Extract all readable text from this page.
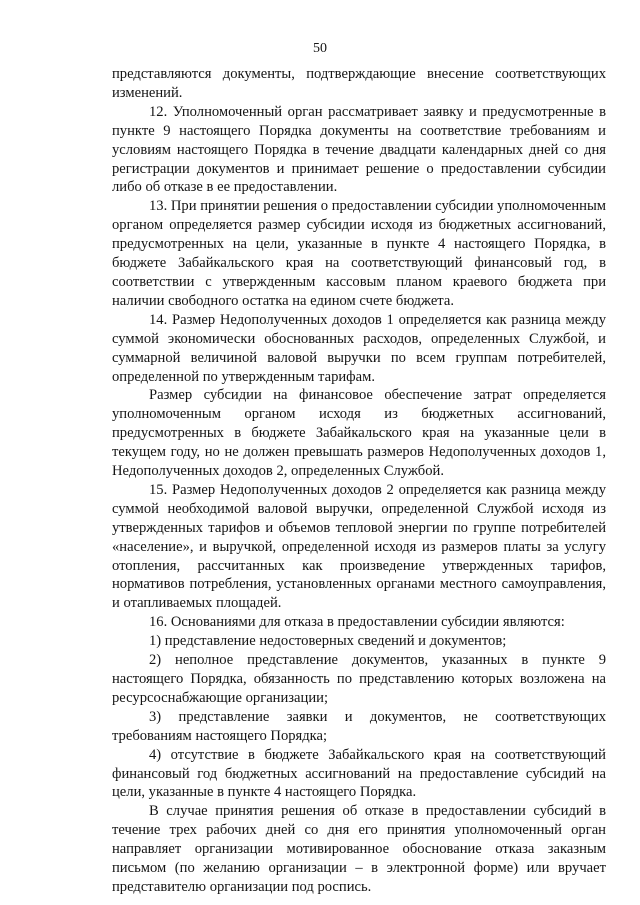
50

представляются документы, подтверждающие внесение соответствующих изменений.

12. Уполномоченный орган рассматривает заявку и предусмотренные в пункте 9 настоящего Порядка документы на соответствие требованиям и условиям настоящего Порядка в течение двадцати календарных дней со дня регистрации документов и принимает решение о предоставлении субсидии либо об отказе в ее предоставлении.

13. При принятии решения о предоставлении субсидии уполномоченным органом определяется размер субсидии исходя из бюджетных ассигнований, предусмотренных на цели, указанные в пункте 4 настоящего Порядка, в бюджете Забайкальского края на соответствующий финансовый год, в соответствии с утвержденным кассовым планом краевого бюджета при наличии свободного остатка на едином счете бюджета.

14. Размер Недополученных доходов 1 определяется как разница между суммой экономически обоснованных расходов, определенных Службой, и суммарной величиной валовой выручки по всем группам потребителей, определенной по утвержденным тарифам.

Размер субсидии на финансовое обеспечение затрат определяется уполномоченным органом исходя из бюджетных ассигнований, предусмотренных в бюджете Забайкальского края на указанные цели в текущем году, но не должен превышать размеров Недополученных доходов 1, Недополученных доходов 2, определенных Службой.

15. Размер Недополученных доходов 2 определяется как разница между суммой необходимой валовой выручки, определенной Службой исходя из утвержденных тарифов и объемов тепловой энергии по группе потребителей «население», и выручкой, определенной исходя из размеров платы за услугу отопления, рассчитанных как произведение утвержденных тарифов, нормативов потребления, установленных органами местного самоуправления, и отапливаемых площадей.

16. Основаниями для отказа в предоставлении субсидии являются:

1) представление недостоверных сведений и документов;

2) неполное представление документов, указанных в пункте 9 настоящего Порядка, обязанность по представлению которых возложена на ресурсоснабжающие организации;

3) представление заявки и документов, не соответствующих требованиям настоящего Порядка;

4) отсутствие в бюджете Забайкальского края на соответствующий финансовый год бюджетных ассигнований на предоставление субсидий на цели, указанные в пункте 4 настоящего Порядка.

В случае принятия решения об отказе в предоставлении субсидий в течение трех рабочих дней со дня его принятия уполномоченный орган направляет организации мотивированное обоснование отказа заказным письмом (по желанию организации – в электронной форме) или вручает представителю организации под роспись.
